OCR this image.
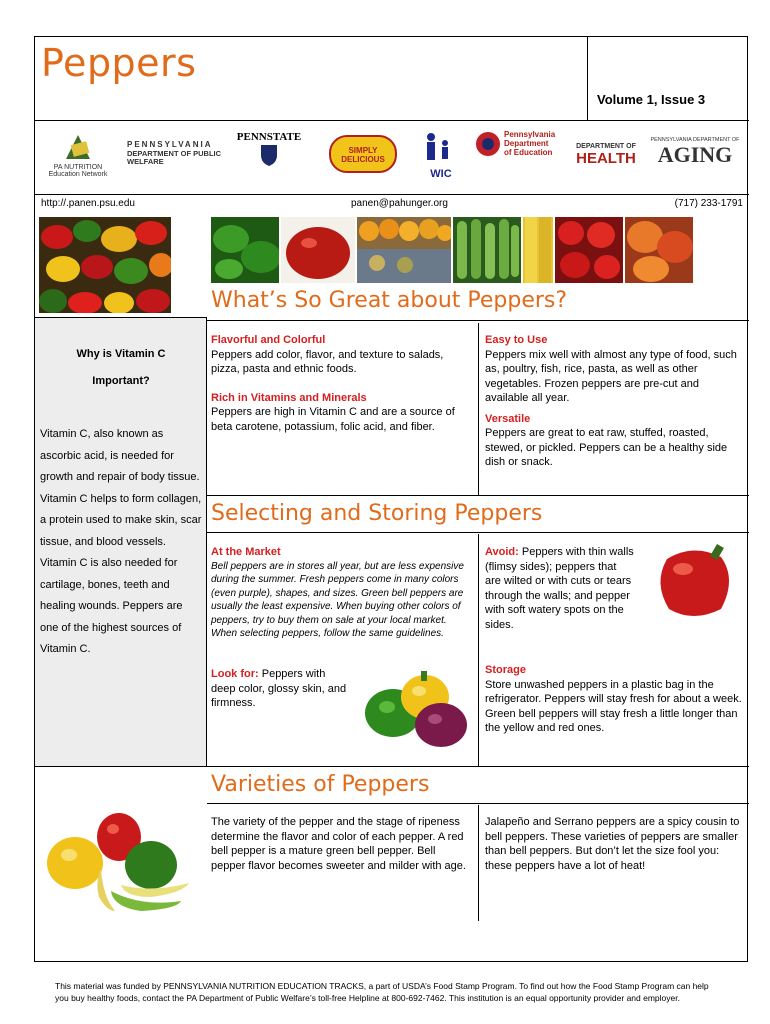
Peppers
Volume 1, Issue 3
PA NUTRITION
Education Network
PENNSYLVANIA
DEPARTMENT OF PUBLIC WELFARE
PENNSTATE
SIMPLY DELICIOUS
WIC
Pennsylvania
Department
of Education
DEPARTMENT OF
HEALTH
PENNSYLVANIA DEPARTMENT OF
AGING
http://.panen.psu.edu	panen@pahunger.org	(717) 233-1791
What’s So Great about Peppers?
Why is Vitamin C
Important?
Vitamin C, also known as ascorbic acid, is needed for growth and repair of body tissue. Vitamin C helps to form collagen, a protein used to make skin, scar tissue, and blood vessels. Vitamin C is also needed for cartilage, bones, teeth and healing wounds. Peppers are one of the highest sources of Vitamin C.
Flavorful and Colorful
Peppers add color, flavor, and texture to salads, pizza, pasta and ethnic foods.
Rich in Vitamins and Minerals
Peppers are high in Vitamin C and are a source of beta carotene, potassium, folic acid, and fiber.
Easy to Use
Peppers mix well with almost any type of food, such as, poultry, fish, rice, pasta, as well as other vegetables. Frozen peppers are pre-cut and available all year.
Versatile
Peppers are great to eat raw, stuffed, roasted, stewed, or pickled. Peppers can be a healthy side dish or snack.
Selecting and Storing Peppers
At the Market
Bell peppers are in stores all year, but are less expensive during the summer. Fresh peppers come in many colors (even purple), shapes, and sizes. Green bell peppers are usually the least expensive. When buying other colors of peppers, try to buy them on sale at your local market. When selecting peppers, follow the same guidelines.
Look for: Peppers with deep color, glossy skin, and firmness.
Avoid: Peppers with thin walls (flimsy sides); peppers that are wilted or with cuts or tears through the walls; and pepper with soft watery spots on the sides.
Storage
Store unwashed peppers in a plastic bag in the refrigerator. Peppers will stay fresh for about a week. Green bell peppers will stay fresh a little longer than the yellow and red ones.
Varieties of Peppers
The variety of the pepper and the stage of ripeness determine the flavor and color of each pepper. A red bell pepper is a mature green bell pepper. Bell pepper flavor becomes sweeter and milder with age.
Jalapeño and Serrano peppers are a spicy cousin to bell peppers. These varieties of peppers are smaller than bell peppers. But don’t let the size fool you: these peppers have a lot of heat!
This material was funded by PENNSYLVANIA NUTRITION EDUCATION TRACKS, a part of USDA’s Food Stamp Program. To find out how the Food Stamp Program can help you buy healthy foods, contact the PA Department of Public Welfare’s toll-free Helpline at 800-692-7462. This institution is an equal opportunity provider and employer.
